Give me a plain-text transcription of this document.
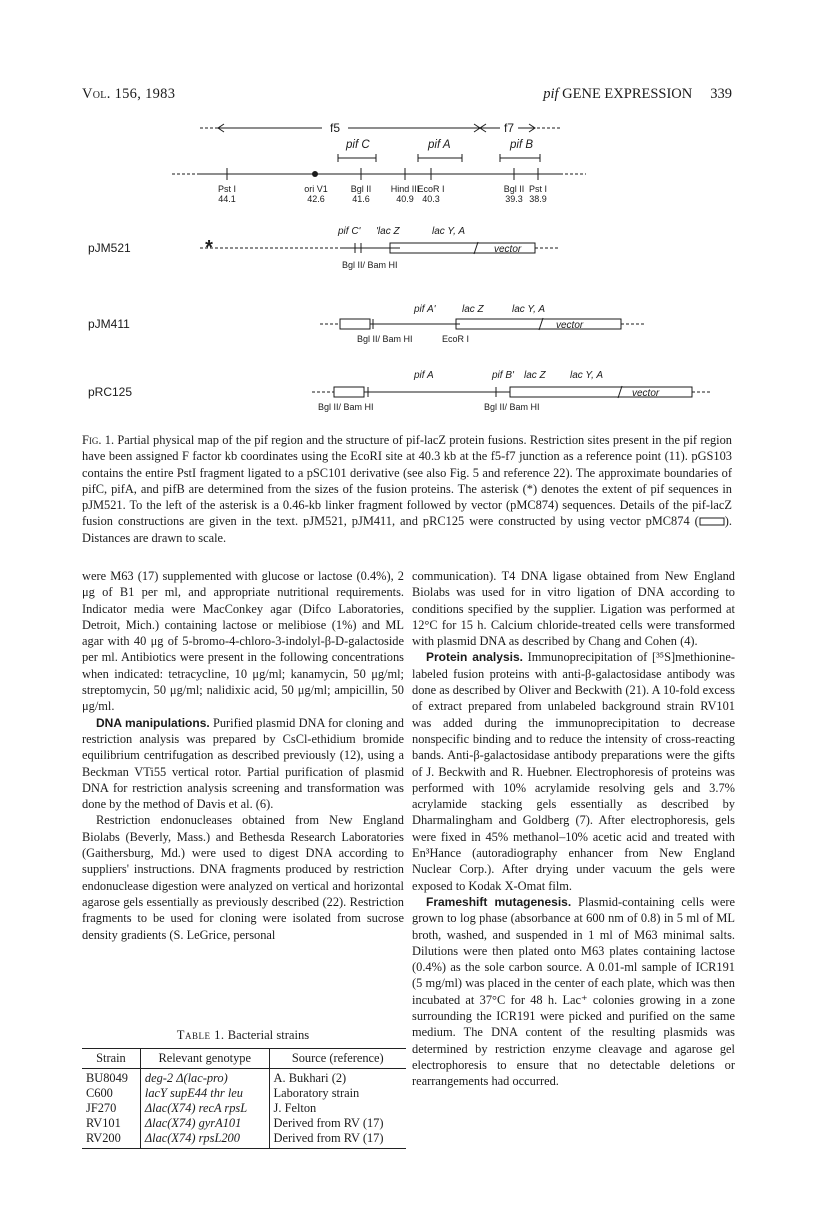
Vol. 156, 1983	pif GENE EXPRESSION 339
f5	f7
pif C	pif A	pif B
Pst I
44.1
ori V1
42.6
Bgl II
41.6
Hind III
40.9
EcoR I
40.3
Bgl II
39.3
Pst I
38.9
pJM521	*
pif C' 'lac Z	lac Y, A
vector
Bgl II/ Bam HI
pJM411
pif A'	lac Z	lac Y, A
vector
Bgl II/ Bam HI	EcoR I
pRC125
pif A	pif B' lac Z lac Y, A
vector
Bgl II/ Bam HI	Bgl II/ Bam HI
Fig. 1. Partial physical map of the pif region and the structure of pif-lacZ protein fusions. Restriction sites present in the pif region have been assigned F factor kb coordinates using the EcoRI site at 40.3 kb at the f5-f7 junction as a reference point (11). pGS103 contains the entire PstI fragment ligated to a pSC101 derivative (see also Fig. 5 and reference 22). The approximate boundaries of pifC, pifA, and pifB are determined from the sizes of the fusion proteins. The asterisk (*) denotes the extent of pif sequences in pJM521. To the left of the asterisk is a 0.46-kb linker fragment followed by vector (pMC874) sequences. Details of the pif-lacZ fusion constructions are given in the text. pJM521, pJM411, and pRC125 were constructed by using vector pMC874 ( ). Distances are drawn to scale.

were M63 (17) supplemented with glucose or lactose (0.4%), 2 μg of B1 per ml, and appropriate nutritional requirements. Indicator media were MacConkey agar (Difco Laboratories, Detroit, Mich.) containing lactose or melibiose (1%) and ML agar with 40 μg of 5-bromo-4-chloro-3-indolyl-β-D-galactoside per ml. Antibiotics were present in the following concentrations when indicated: tetracycline, 10 μg/ml; kanamycin, 50 μg/ml; streptomycin, 50 μg/ml; nalidixic acid, 50 μg/ml; ampicillin, 50 μg/ml.

DNA manipulations. Purified plasmid DNA for cloning and restriction analysis was prepared by CsCl-ethidium bromide equilibrium centrifugation as described previously (12), using a Beckman VTi55 vertical rotor. Partial purification of plasmid DNA for restriction analysis screening and transformation was done by the method of Davis et al. (6).

Restriction endonucleases obtained from New England Biolabs (Beverly, Mass.) and Bethesda Research Laboratories (Gaithersburg, Md.) were used to digest DNA according to suppliers' instructions. DNA fragments produced by restriction endonuclease digestion were analyzed on vertical and horizontal agarose gels essentially as previously described (22). Restriction fragments to be used for cloning were isolated from sucrose density gradients (S. LeGrice, personal

communication). T4 DNA ligase obtained from New England Biolabs was used for in vitro ligation of DNA according to conditions specified by the supplier. Ligation was performed at 12°C for 15 h. Calcium chloride-treated cells were transformed with plasmid DNA as described by Chang and Cohen (4).

Protein analysis. Immunoprecipitation of [³⁵S]methionine-labeled fusion proteins with anti-β-galactosidase antibody was done as described by Oliver and Beckwith (21). A 10-fold excess of extract prepared from unlabeled background strain RV101 was added during the immunoprecipitation to decrease nonspecific binding and to reduce the intensity of cross-reacting bands. Anti-β-galactosidase antibody preparations were the gifts of J. Beckwith and R. Huebner. Electrophoresis of proteins was performed with 10% acrylamide resolving gels and 3.7% acrylamide stacking gels essentially as described by Dharmalingham and Goldberg (7). After electrophoresis, gels were fixed in 45% methanol–10% acetic acid and treated with En³Hance (autoradiography enhancer from New England Nuclear Corp.). After drying under vacuum the gels were exposed to Kodak X-Omat film.

Frameshift mutagenesis. Plasmid-containing cells were grown to log phase (absorbance at 600 nm of 0.8) in 5 ml of ML broth, washed, and suspended in 1 ml of M63 minimal salts. Dilutions were then plated onto M63 plates containing lactose (0.4%) as the sole carbon source. A 0.01-ml sample of ICR191 (5 mg/ml) was placed in the center of each plate, which was then incubated at 37°C for 48 h. Lac⁺ colonies growing in a zone surrounding the ICR191 were picked and purified on the same medium. The DNA content of the resulting plasmids was determined by restriction enzyme cleavage and agarose gel electrophoresis to ensure that no detectable deletions or rearrangements had occurred.

Table 1. Bacterial strains
Strain	Relevant genotype	Source (reference)
BU8049	deg-2 Δ(lac-pro)	A. Bukhari (2)
C600	lacY supE44 thr leu	Laboratory strain
JF270	Δlac(X74) recA rpsL	J. Felton
RV101	Δlac(X74) gyrA101	Derived from RV (17)
RV200	Δlac(X74) rpsL200	Derived from RV (17)
